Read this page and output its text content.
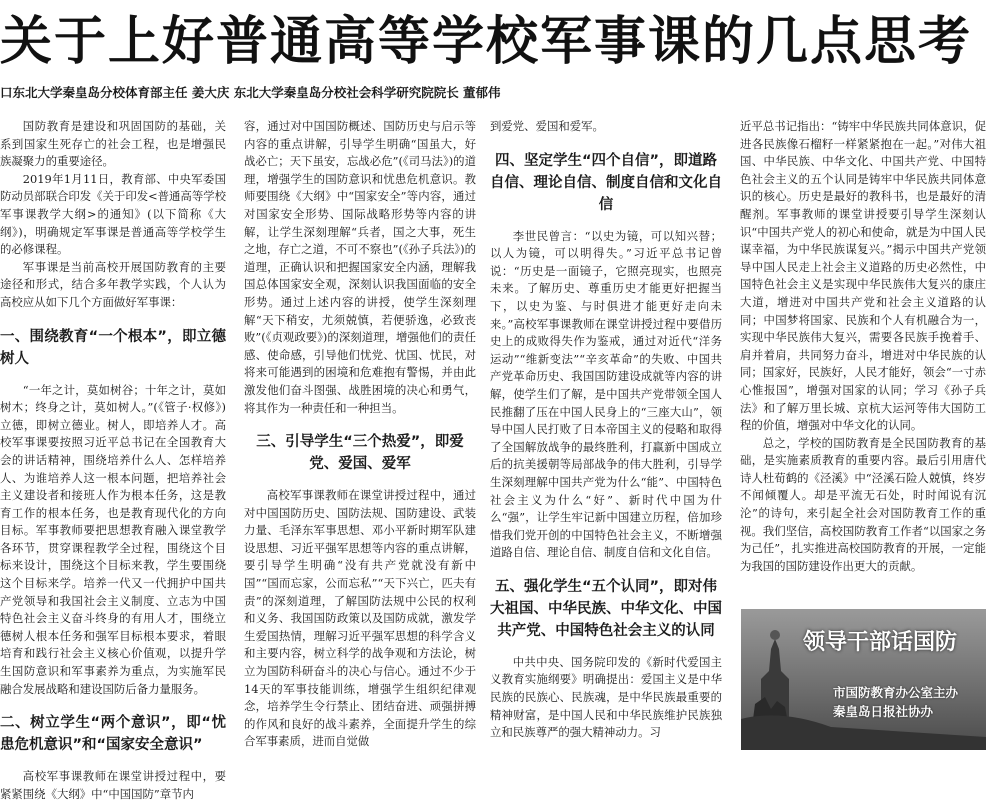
关于上好普通高等学校军事课的几点思考
口东北大学秦皇岛分校体育部主任 姜大庆 东北大学秦皇岛分校社会科学研究院院长 董郁伟

国防教育是建设和巩固国防的基础，关系到国家生死存亡的社会工程，也是增强民族凝聚力的重要途径。

2019年1月11日，教育部、中央军委国防动员部联合印发《关于印发<普通高等学校军事课教学大纲>的通知》(以下简称《大纲》)，明确规定军事课是普通高等学校学生的必修课程。

军事课是当前高校开展国防教育的主要途径和形式，结合多年教学实践，个人认为高校应从如下几个方面做好军事课：

一、围绕教育“一个根本”，即立德树人

“一年之计，莫如树谷；十年之计，莫如树木；终身之计，莫如树人。”(《管子·权修》)立德，即树立德业。树人，即培养人才。高校军事课要按照习近平总书记在全国教育大会的讲话精神，围绕培养什么人、怎样培养人、为谁培养人这一根本问题，把培养社会主义建设者和接班人作为根本任务，这是教育工作的根本任务，也是教育现代化的方向目标。军事教师要把思想教育融入课堂教学各环节，贯穿课程教学全过程，围绕这个目标来设计，围绕这个目标来教，学生要围绕这个目标来学。培养一代又一代拥护中国共产党领导和我国社会主义制度、立志为中国特色社会主义奋斗终身的有用人才，围绕立德树人根本任务和强军目标根本要求，着眼培育和践行社会主义核心价值观，以提升学生国防意识和军事素养为重点，为实施军民融合发展战略和建设国防后备力量服务。

二、树立学生“两个意识”，即“忧患危机意识”和“国家安全意识”

高校军事课教师在课堂讲授过程中，要紧紧围绕《大纲》中“中国国防”章节内

容，通过对中国国防概述、国防历史与启示等内容的重点讲解，引导学生明确“国虽大，好战必亡；天下虽安，忘战必危”(《司马法》)的道理，增强学生的国防意识和忧患危机意识。教师要围绕《大纲》中“国家安全”等内容，通过对国家安全形势、国际战略形势等内容的讲解，让学生深刻理解“兵者，国之大事，死生之地，存亡之道，不可不察也”(《孙子兵法》)的道理，正确认识和把握国家安全内涵，理解我国总体国家安全观，深刻认识我国面临的安全形势。通过上述内容的讲授，使学生深刻理解“天下稍安，尤须兢慎，若便骄逸，必致丧败”(《贞观政要》)的深刻道理，增强他们的责任感、使命感，引导他们忧党、忧国、忧民，对将来可能遇到的困境和危难抱有警惕，并由此激发他们奋斗图强、战胜困境的决心和勇气，将其作为一种责任和一种担当。

三、引导学生“三个热爱”，即爱党、爱国、爱军

高校军事课教师在课堂讲授过程中，通过对中国国防历史、国防法规、国防建设、武装力量、毛泽东军事思想、邓小平新时期军队建设思想、习近平强军思想等内容的重点讲解，要引导学生明确“没有共产党就没有新中国”“国而忘家，公而忘私”“天下兴亡，匹夫有责”的深刻道理，了解国防法规中公民的权利和义务、我国国防政策以及国防成就，激发学生爱国热情，理解习近平强军思想的科学含义和主要内容，树立科学的战争观和方法论，树立为国防科研奋斗的决心与信心。通过不少于14天的军事技能训练，增强学生组织纪律观念，培养学生令行禁止、团结奋进、顽强拼搏的作风和良好的战斗素养，全面提升学生的综合军事素质，进而自觉做

到爱党、爱国和爱军。

四、坚定学生“四个自信”，即道路自信、理论自信、制度自信和文化自信

李世民曾言：“以史为镜，可以知兴替；以人为镜，可以明得失。”习近平总书记曾说：“历史是一面镜子，它照亮现实，也照亮未来。了解历史、尊重历史才能更好把握当下，以史为鉴、与时俱进才能更好走向未来。”高校军事课教师在课堂讲授过程中要借历史上的成败得失作为鉴戒，通过对近代“洋务运动”“维新变法”“辛亥革命”的失败、中国共产党革命历史、我国国防建设成就等内容的讲解，使学生们了解，是中国共产党带领全国人民推翻了压在中国人民身上的“三座大山”，领导中国人民打败了日本帝国主义的侵略和取得了全国解放战争的最终胜利，打赢新中国成立后的抗美援朝等局部战争的伟大胜利，引导学生深刻理解中国共产党为什么“能”、中国特色社会主义为什么“好”、新时代中国为什么“强”，让学生牢记新中国建立历程，倍加珍惜我们党开创的中国特色社会主义，不断增强道路自信、理论自信、制度自信和文化自信。

五、强化学生“五个认同”，即对伟大祖国、中华民族、中华文化、中国共产党、中国特色社会主义的认同

中共中央、国务院印发的《新时代爱国主义教育实施纲要》明确提出：爱国主义是中华民族的民族心、民族魂，是中华民族最重要的精神财富，是中国人民和中华民族维护民族独立和民族尊严的强大精神动力。习

近平总书记指出：“铸牢中华民族共同体意识，促进各民族像石榴籽一样紧紧抱在一起。”对伟大祖国、中华民族、中华文化、中国共产党、中国特色社会主义的五个认同是铸牢中华民族共同体意识的核心。历史是最好的教科书，也是最好的清醒剂。军事教师的课堂讲授要引导学生深刻认识“中国共产党人的初心和使命，就是为中国人民谋幸福，为中华民族谋复兴。”揭示中国共产党领导中国人民走上社会主义道路的历史必然性，中国特色社会主义是实现中华民族伟大复兴的康庄大道，增进对中国共产党和社会主义道路的认同；中国梦将国家、民族和个人有机融合为一，实现中华民族伟大复兴，需要各民族手挽着手、肩并着肩，共同努力奋斗，增进对中华民族的认同；国家好，民族好，人民才能好，领会“一寸赤心惟报国”，增强对国家的认同；学习《孙子兵法》和了解万里长城、京杭大运河等伟大国防工程的价值，增强对中华文化的认同。

总之，学校的国防教育是全民国防教育的基础，是实施素质教育的重要内容。最后引用唐代诗人杜荀鹤的《泾溪》中“泾溪石险人兢慎，终岁不闻倾覆人。却是平流无石处，时时闻说有沉沦”的诗句，来引起全社会对国防教育工作的重视。我们坚信，高校国防教育工作者“以国家之务为己任”，扎实推进高校国防教育的开展，一定能为我国的国防建设作出更大的贡献。

领导干部话国防
市国防教育办公室主办
秦皇岛日报社协办
